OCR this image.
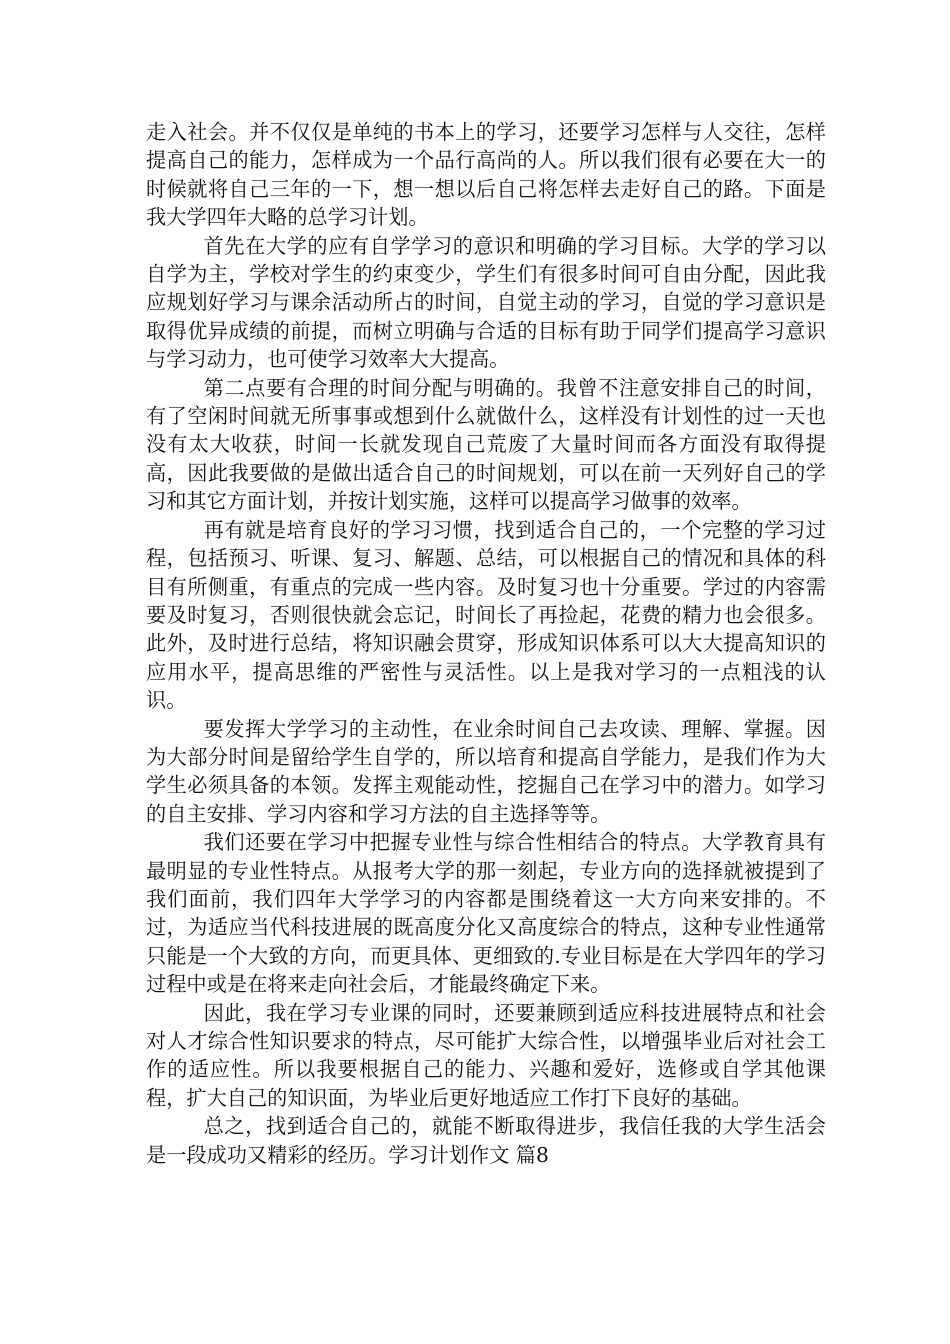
走入社会。并不仅仅是单纯的书本上的学习，还要学习怎样与人交往，怎样提高自己的能力，怎样成为一个品行高尚的人。所以我们很有必要在大一的时候就将自己三年的一下，想一想以后自己将怎样去走好自己的路。下面是我大学四年大略的总学习计划。

首先在大学的应有自学学习的意识和明确的学习目标。大学的学习以自学为主，学校对学生的约束变少，学生们有很多时间可自由分配，因此我应规划好学习与课余活动所占的时间，自觉主动的学习，自觉的学习意识是取得优异成绩的前提，而树立明确与合适的目标有助于同学们提高学习意识与学习动力，也可使学习效率大大提高。

第二点要有合理的时间分配与明确的。我曾不注意安排自己的时间，有了空闲时间就无所事事或想到什么就做什么，这样没有计划性的过一天也没有太大收获，时间一长就发现自己荒废了大量时间而各方面没有取得提高，因此我要做的是做出适合自己的时间规划，可以在前一天列好自己的学习和其它方面计划，并按计划实施，这样可以提高学习做事的效率。

再有就是培育良好的学习习惯，找到适合自己的，一个完整的学习过程，包括预习、听课、复习、解题、总结，可以根据自己的情况和具体的科目有所侧重，有重点的完成一些内容。及时复习也十分重要。学过的内容需要及时复习，否则很快就会忘记，时间长了再捡起，花费的精力也会很多。此外，及时进行总结，将知识融会贯穿，形成知识体系可以大大提高知识的应用水平，提高思维的严密性与灵活性。以上是我对学习的一点粗浅的认识。

要发挥大学学习的主动性，在业余时间自己去攻读、理解、掌握。因为大部分时间是留给学生自学的，所以培育和提高自学能力，是我们作为大学生必须具备的本领。发挥主观能动性，挖掘自己在学习中的潜力。如学习的自主安排、学习内容和学习方法的自主选择等等。

我们还要在学习中把握专业性与综合性相结合的特点。大学教育具有最明显的专业性特点。从报考大学的那一刻起，专业方向的选择就被提到了我们面前，我们四年大学学习的内容都是围绕着这一大方向来安排的。不过，为适应当代科技进展的既高度分化又高度综合的特点，这种专业性通常只能是一个大致的方向，而更具体、更细致的.专业目标是在大学四年的学习过程中或是在将来走向社会后，才能最终确定下来。

因此，我在学习专业课的同时，还要兼顾到适应科技进展特点和社会对人才综合性知识要求的特点，尽可能扩大综合性，以增强毕业后对社会工作的适应性。所以我要根据自己的能力、兴趣和爱好，选修或自学其他课程，扩大自己的知识面，为毕业后更好地适应工作打下良好的基础。

总之，找到适合自己的，就能不断取得进步，我信任我的大学生活会是一段成功又精彩的经历。学习计划作文 篇8
